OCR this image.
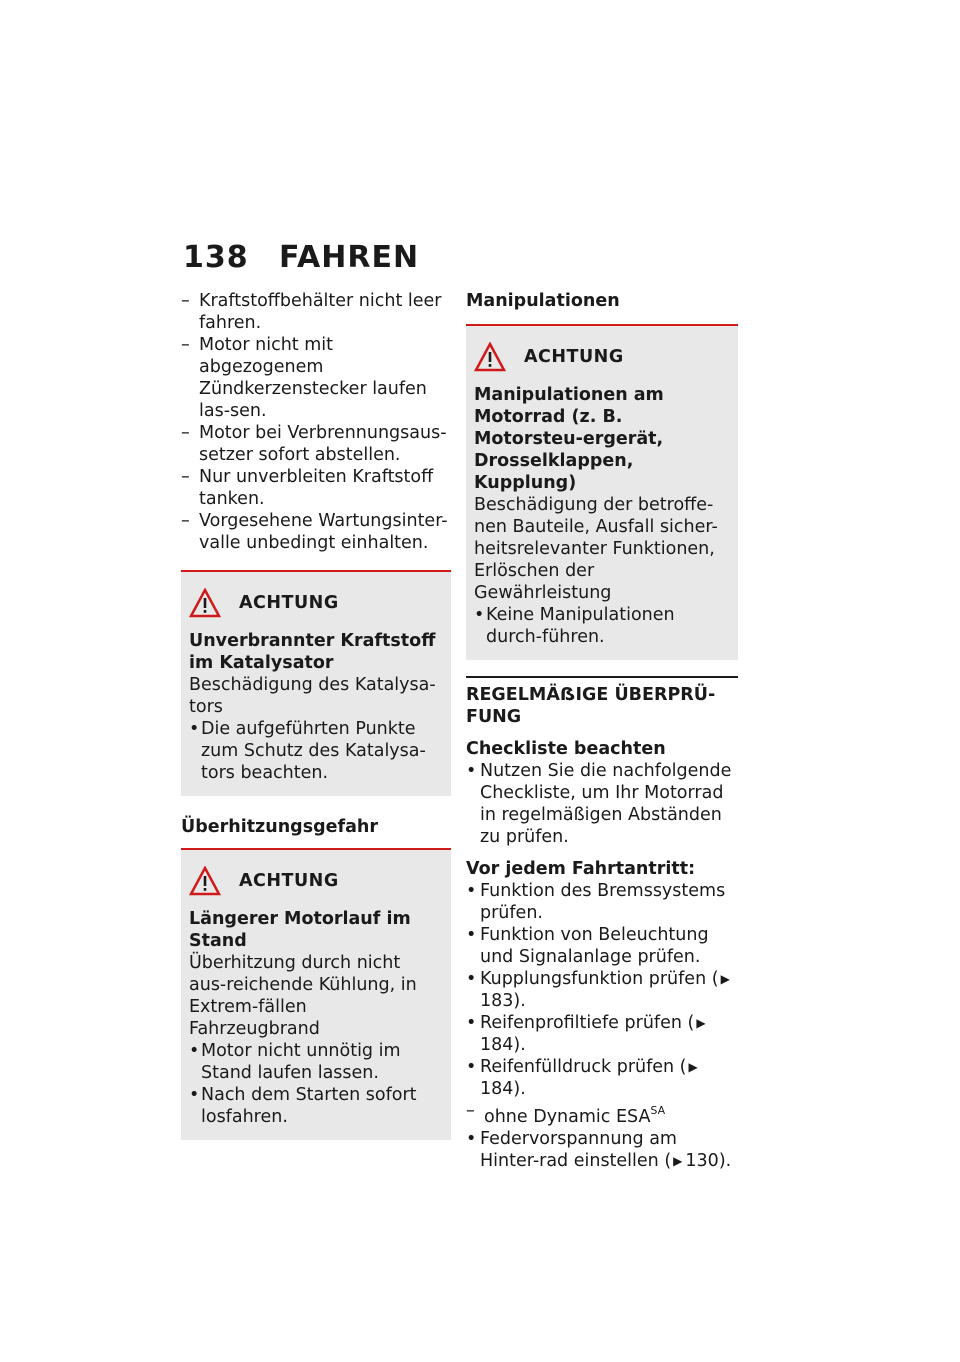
138 FAHREN
– Kraftstoffbehälter nicht leer fahren.
– Motor nicht mit abgezogenem Zündkerzenstecker laufen las-sen.
– Motor bei Verbrennungsaus-setzer sofort abstellen.
– Nur unverbleiten Kraftstoff tanken.
– Vorgesehene Wartungsinter-valle unbedingt einhalten.
ACHTUNG
Unverbrannter Kraftstoff im Katalysator
Beschädigung des Katalysa-tors
• Die aufgeführten Punkte zum Schutz des Katalysa-tors beachten.
Überhitzungsgefahr
ACHTUNG
Längerer Motorlauf im Stand
Überhitzung durch nicht aus-reichende Kühlung, in Extrem-fällen Fahrzeugbrand
• Motor nicht unnötig im Stand laufen lassen.
• Nach dem Starten sofort losfahren.
Manipulationen
ACHTUNG
Manipulationen am Motorrad (z. B. Motorsteu-ergerät, Drosselklappen, Kupplung)
Beschädigung der betroffe-nen Bauteile, Ausfall sicher-heitsrelevanter Funktionen, Erlöschen der Gewährleistung
• Keine Manipulationen durch-führen.
REGELMÄẞIGE ÜBERPRÜ-FUNG
Checkliste beachten
• Nutzen Sie die nachfolgende Checkliste, um Ihr Motorrad in regelmäßigen Abständen zu prüfen.
Vor jedem Fahrtantritt:
• Funktion des Bremssystems prüfen.
• Funktion von Beleuchtung und Signalanlage prüfen.
• Kupplungsfunktion prüfen ( ▶183).
• Reifenprofiltiefe prüfen ( ▶184).
• Reifenfülldruck prüfen ( ▶184).
– ohne Dynamic $ESA^{SA}$
• Federvorspannung am Hinter-rad einstellen ( ▶ 130).
